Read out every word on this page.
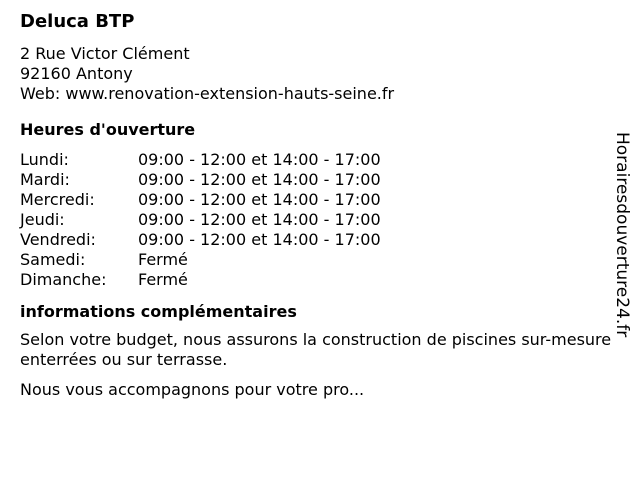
Deluca BTP
2 Rue Victor Clément
92160 Antony
Web: www.renovation-extension-hauts-seine.fr
Heures d'ouverture
Lundi:	09:00 - 12:00 et 14:00 - 17:00
Mardi:	09:00 - 12:00 et 14:00 - 17:00
Mercredi:	09:00 - 12:00 et 14:00 - 17:00
Jeudi:	09:00 - 12:00 et 14:00 - 17:00
Vendredi:	09:00 - 12:00 et 14:00 - 17:00
Samedi:	Fermé
Dimanche:	Fermé
informations complémentaires

Selon votre budget, nous assurons la construction de piscines sur-mesure enterrées ou sur terrasse.

Nous vous accompagnons pour votre pro...

Horairesdouverture24.fr
